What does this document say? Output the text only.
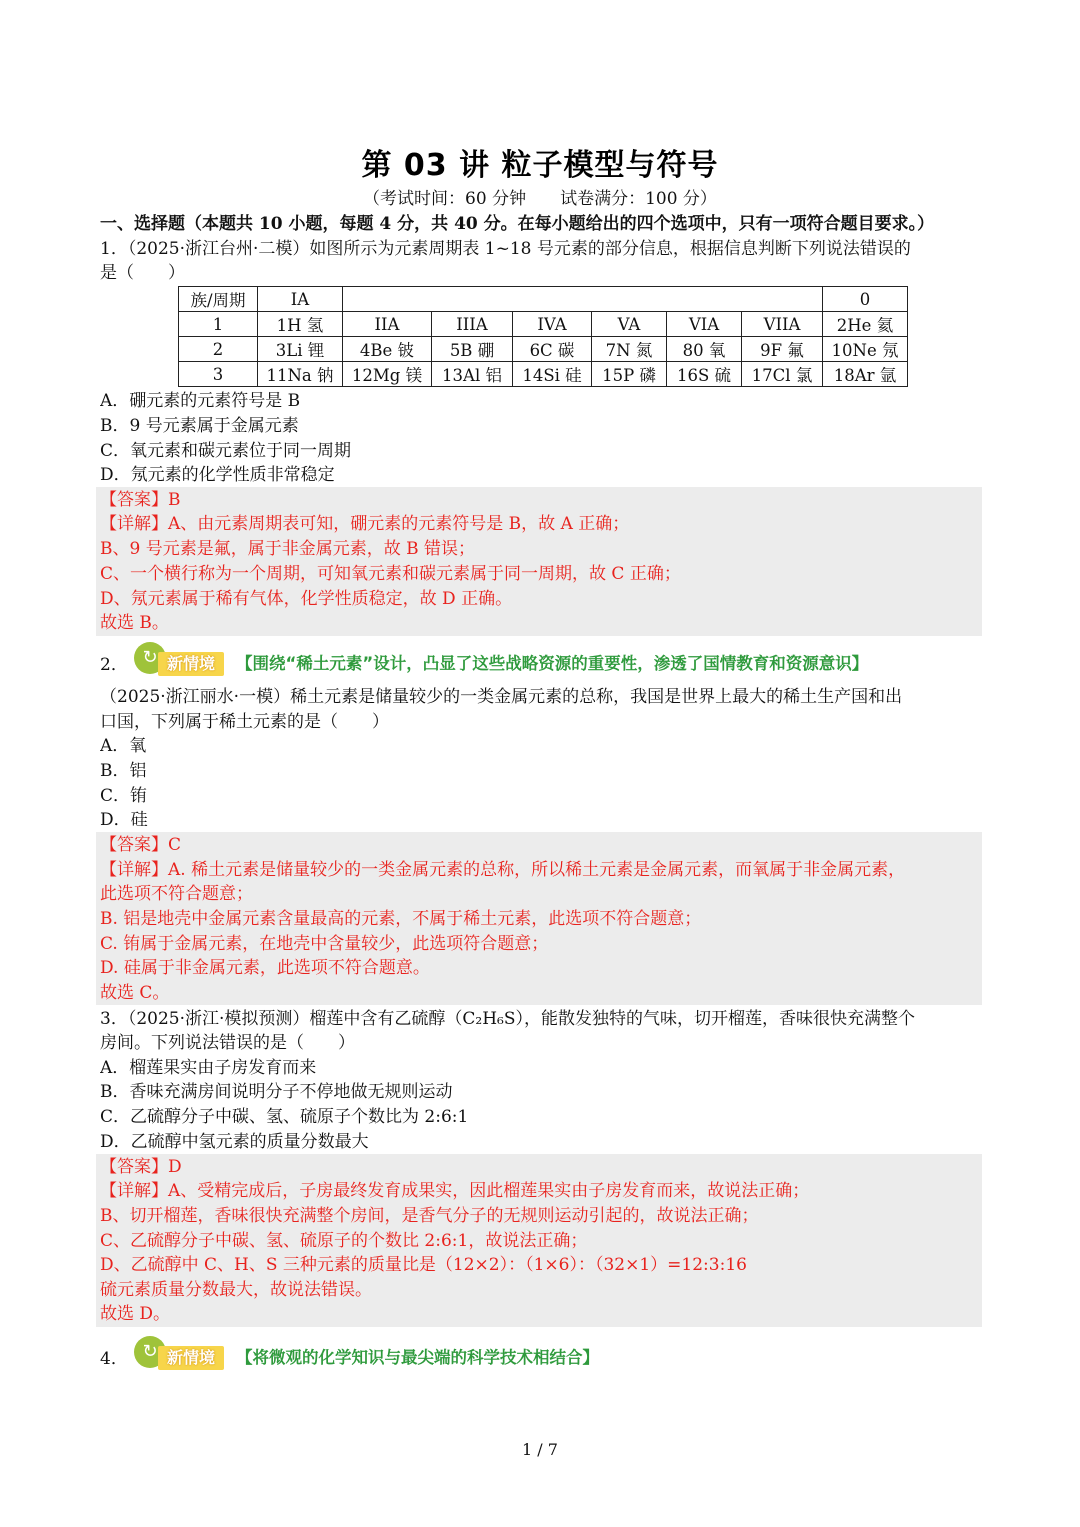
第 03 讲 粒子模型与符号
（考试时间：60 分钟　　试卷满分：100 分）
一、选择题（本题共 10 小题，每题 4 分，共 40 分。在每小题给出的四个选项中，只有一项符合题目要求。）
1．（2025·浙江台州·二模）如图所示为元素周期表 1~18 号元素的部分信息，根据信息判断下列说法错误的
是（　　）
族/周期	IA							0
1	1H 氢	IIA	IIIA	IVA	VA	VIA	VIIA	2He 氦
2	3Li 锂	4Be 铍	5B 硼	6C 碳	7N 氮	80 氧	9F 氟	10Ne 氖
3	11Na 钠	12Mg 镁	13Al 铝	14Si 硅	15P 磷	16S 硫	17Cl 氯	18Ar 氩
A．硼元素的元素符号是 B
B．9 号元素属于金属元素
C．氧元素和碳元素位于同一周期
D．氖元素的化学性质非常稳定
【答案】B
【详解】A、由元素周期表可知，硼元素的元素符号是 B，故 A 正确；
B、9 号元素是氟，属于非金属元素，故 B 错误；
C、一个横行称为一个周期，可知氧元素和碳元素属于同一周期，故 C 正确；
D、氖元素属于稀有气体，化学性质稳定，故 D 正确。
故选 B。
2． ↻ 新情境	【围绕“稀土元素”设计，凸显了这些战略资源的重要性，渗透了国情教育和资源意识】
（2025·浙江丽水·一模）稀土元素是储量较少的一类金属元素的总称，我国是世界上最大的稀土生产国和出
口国，下列属于稀土元素的是（　　）
A．氧
B．铝
C．铕
D．硅
【答案】C
【详解】A. 稀土元素是储量较少的一类金属元素的总称，所以稀土元素是金属元素，而氧属于非金属元素，
此选项不符合题意；
B. 铝是地壳中金属元素含量最高的元素，不属于稀土元素，此选项不符合题意；
C. 铕属于金属元素，在地壳中含量较少，此选项符合题意；
D. 硅属于非金属元素，此选项不符合题意。
故选 C。
3．（2025·浙江·模拟预测）榴莲中含有乙硫醇（C₂H₆S），能散发独特的气味，切开榴莲，香味很快充满整个
房间。下列说法错误的是（　　）
A．榴莲果实由子房发育而来
B．香味充满房间说明分子不停地做无规则运动
C．乙硫醇分子中碳、氢、硫原子个数比为 2:6:1
D．乙硫醇中氢元素的质量分数最大
【答案】D
【详解】A、受精完成后，子房最终发育成果实，因此榴莲果实由子房发育而来，故说法正确；
B、切开榴莲，香味很快充满整个房间，是香气分子的无规则运动引起的，故说法正确；
C、乙硫醇分子中碳、氢、硫原子的个数比 2:6:1，故说法正确；
D、乙硫醇中 C、H、S 三种元素的质量比是（12×2）：（1×6）：（32×1）=12:3:16
硫元素质量分数最大，故说法错误。
故选 D。
4． ↻ 新情境	【将微观的化学知识与最尖端的科学技术相结合】
1 / 7
